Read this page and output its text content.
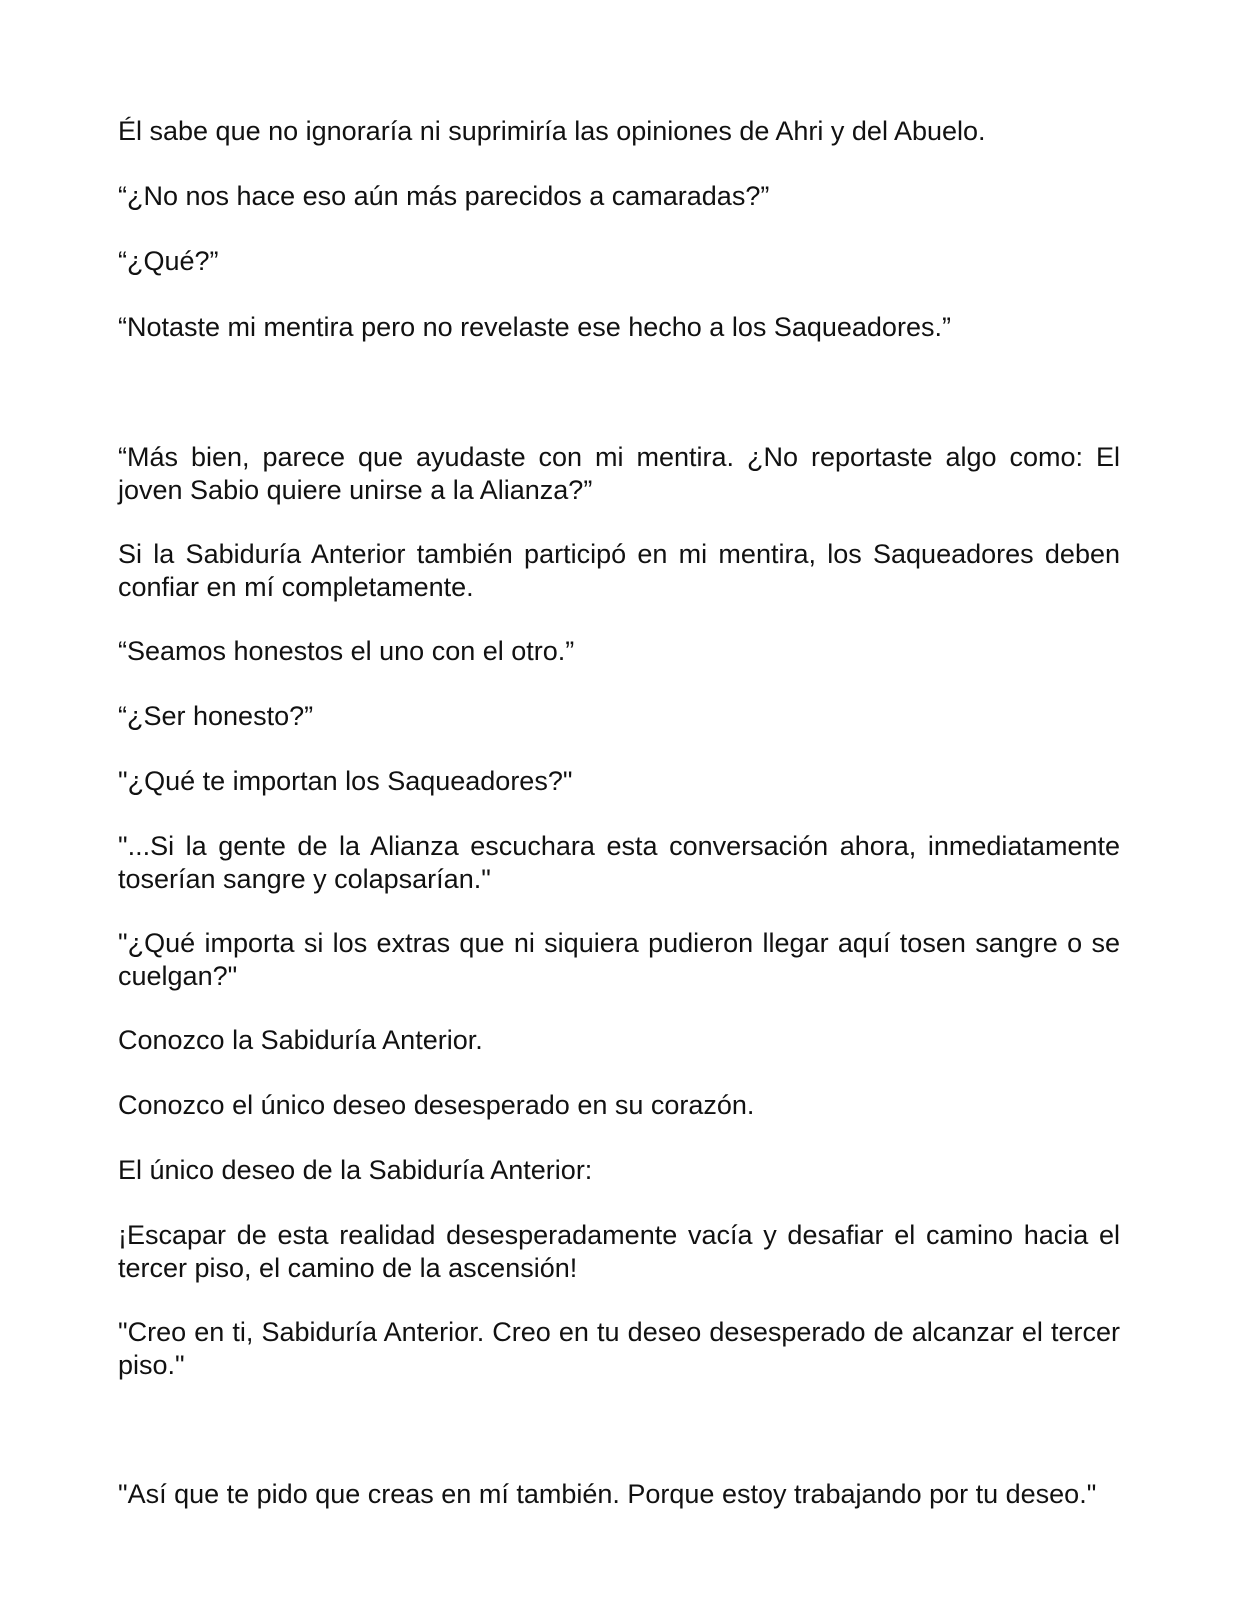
Él sabe que no ignoraría ni suprimiría las opiniones de Ahri y del Abuelo.

“¿No nos hace eso aún más parecidos a camaradas?”

“¿Qué?”

“Notaste mi mentira pero no revelaste ese hecho a los Saqueadores.”

“Más bien, parece que ayudaste con mi mentira. ¿No reportaste algo como: El joven Sabio quiere unirse a la Alianza?”

Si la Sabiduría Anterior también participó en mi mentira, los Saqueadores deben confiar en mí completamente.

“Seamos honestos el uno con el otro.”

“¿Ser honesto?”

"¿Qué te importan los Saqueadores?"

"...Si la gente de la Alianza escuchara esta conversación ahora, inmediatamente toserían sangre y colapsarían."

"¿Qué importa si los extras que ni siquiera pudieron llegar aquí tosen sangre o se cuelgan?"

Conozco la Sabiduría Anterior.

Conozco el único deseo desesperado en su corazón.

El único deseo de la Sabiduría Anterior:

¡Escapar de esta realidad desesperadamente vacía y desafiar el camino hacia el tercer piso, el camino de la ascensión!

"Creo en ti, Sabiduría Anterior. Creo en tu deseo desesperado de alcanzar el tercer piso."

"Así que te pido que creas en mí también. Porque estoy trabajando por tu deseo."
